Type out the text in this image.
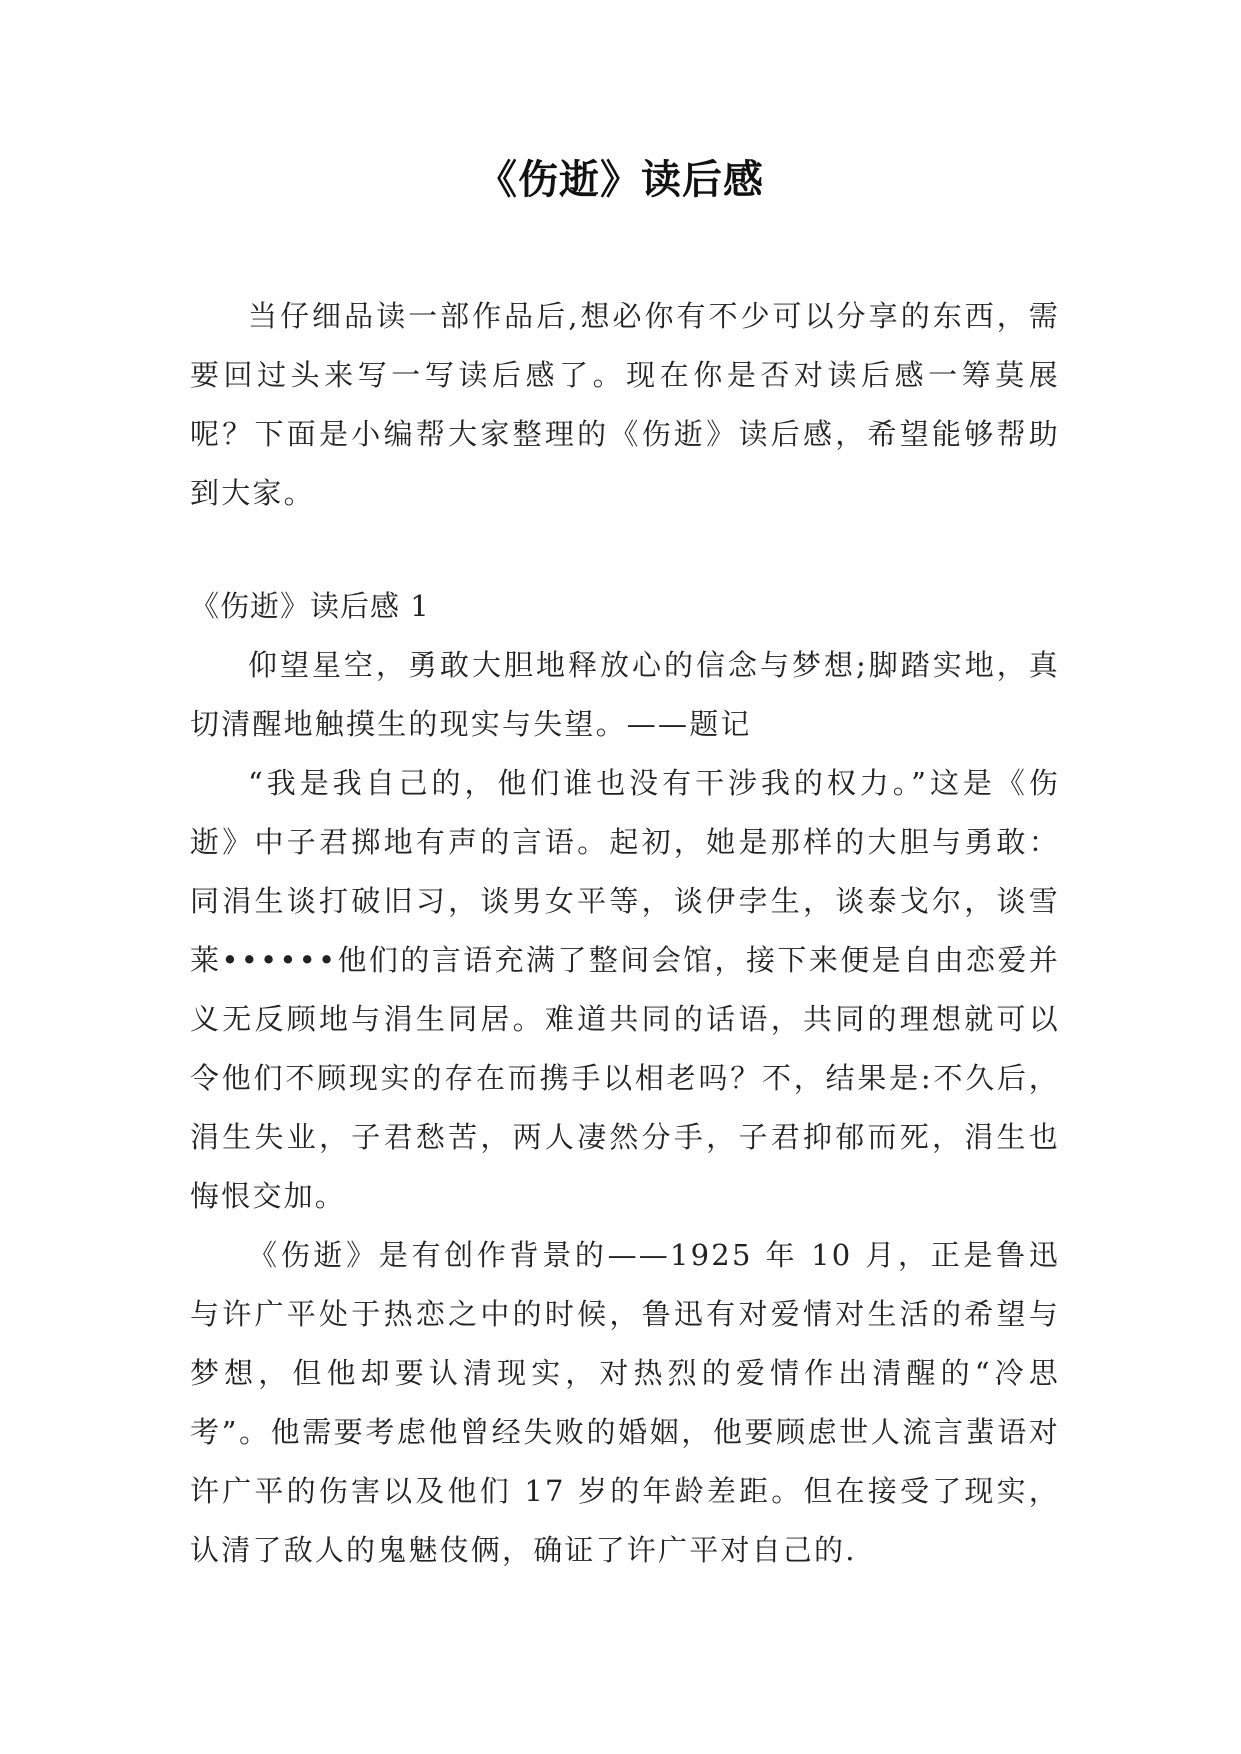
《伤逝》读后感

当仔细品读一部作品后,想必你有不少可以分享的东西，需要回过头来写一写读后感了。现在你是否对读后感一筹莫展呢？下面是小编帮大家整理的《伤逝》读后感，希望能够帮助到大家。

《伤逝》读后感 1

仰望星空，勇敢大胆地释放心的信念与梦想;脚踏实地，真切清醒地触摸生的现实与失望。——题记

“我是我自己的，他们谁也没有干涉我的权力。”这是《伤逝》中子君掷地有声的言语。起初，她是那样的大胆与勇敢：同涓生谈打破旧习，谈男女平等，谈伊孛生，谈泰戈尔，谈雪莱••••••他们的言语充满了整间会馆，接下来便是自由恋爱并义无反顾地与涓生同居。难道共同的话语，共同的理想就可以令他们不顾现实的存在而携手以相老吗？不，结果是:不久后，涓生失业，子君愁苦，两人凄然分手，子君抑郁而死，涓生也悔恨交加。

《伤逝》是有创作背景的——1925 年 10 月，正是鲁迅与许广平处于热恋之中的时候，鲁迅有对爱情对生活的希望与梦想，但他却要认清现实，对热烈的爱情作出清醒的“冷思考”。他需要考虑他曾经失败的婚姻，他要顾虑世人流言蜚语对许广平的伤害以及他们 17 岁的年龄差距。但在接受了现实，认清了敌人的鬼魅伎俩，确证了许广平对自己的.
